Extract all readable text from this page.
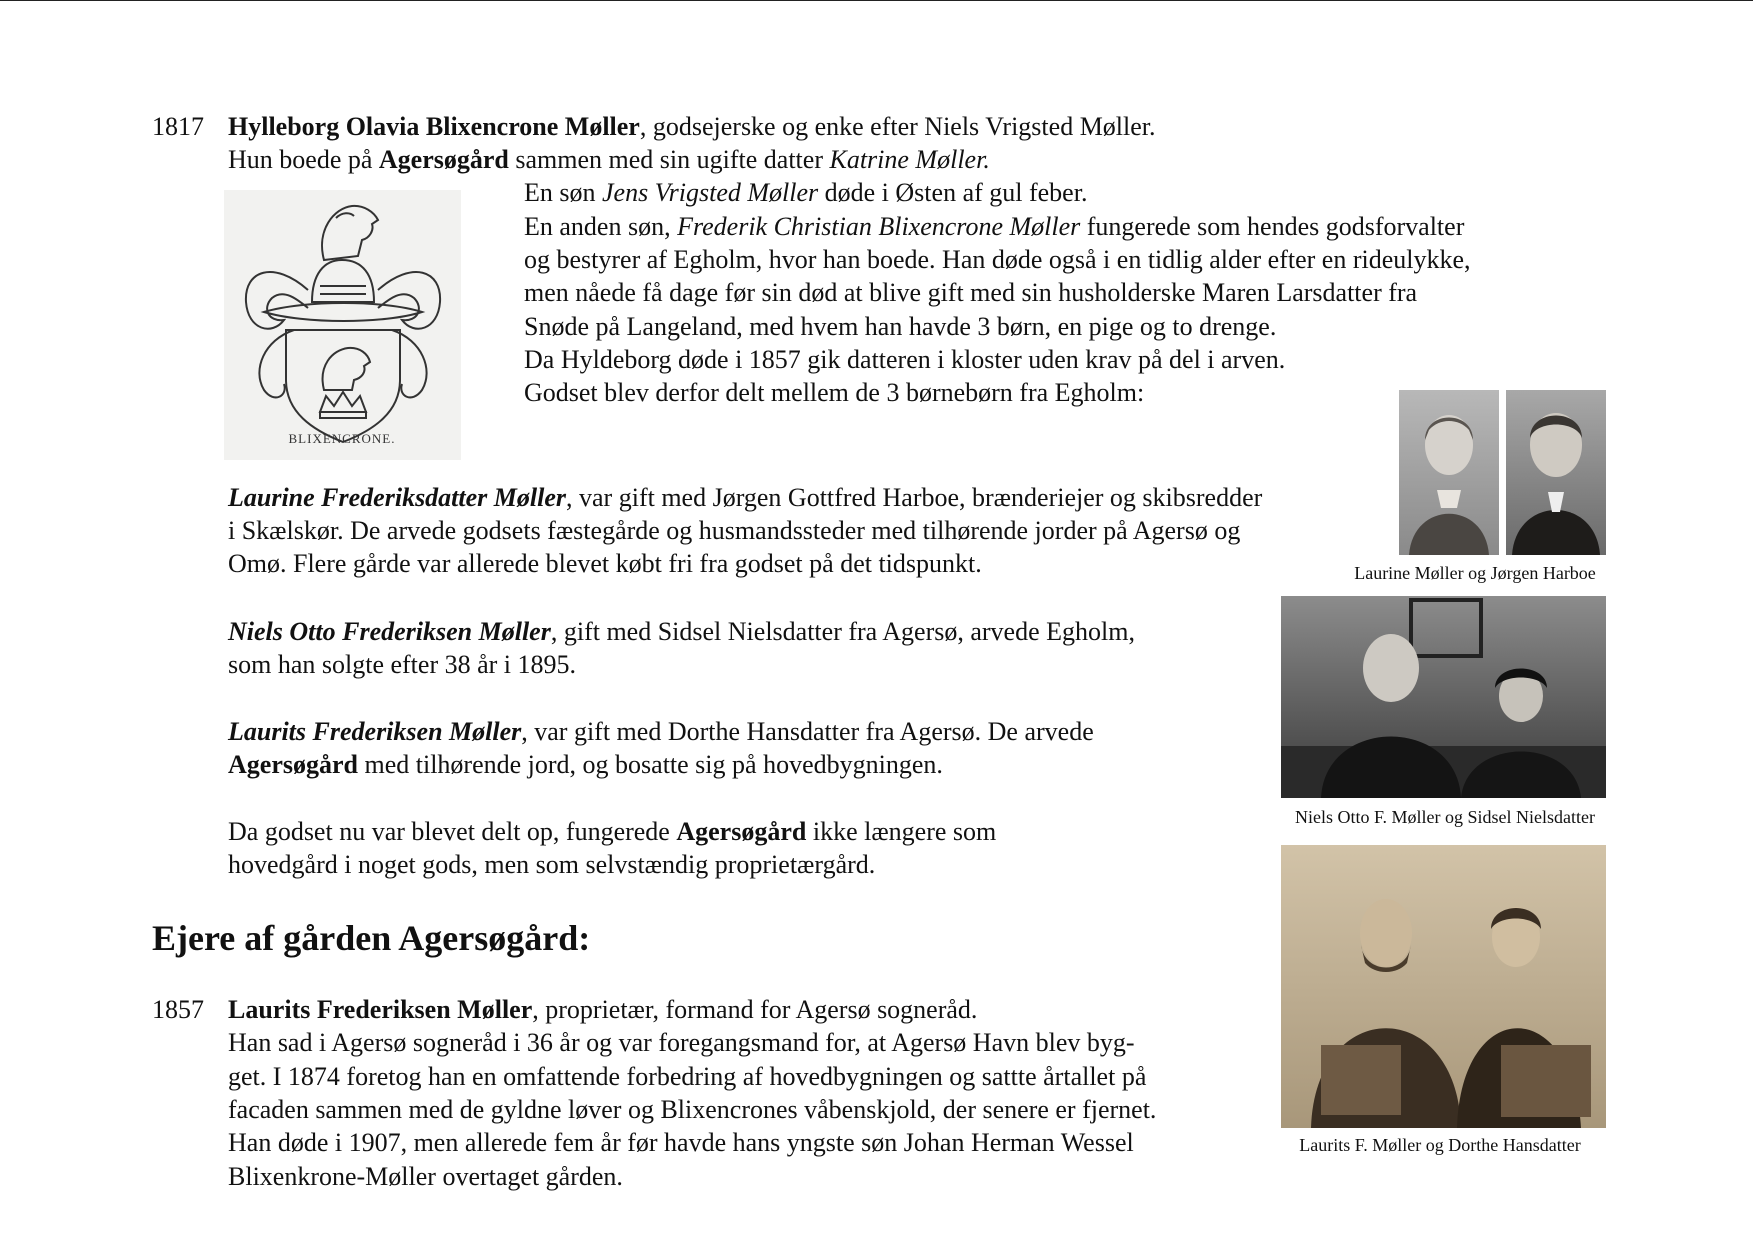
1817 Hylleborg Olavia Blixencrone Møller, godsejerske og enke efter Niels Vrigsted Møller.
Hun boede på Agersøgård sammen med sin ugifte datter Katrine Møller.
En søn Jens Vrigsted Møller døde i Østen af gul feber.
En anden søn, Frederik Christian Blixencrone Møller fungerede som hendes godsforvalter
og bestyrer af Egholm, hvor han boede. Han døde også i en tidlig alder efter en rideulykke,
men nåede få dage før sin død at blive gift med sin husholderske Maren Larsdatter fra
Snøde på Langeland, med hvem han havde 3 børn, en pige og to drenge.
Da Hyldeborg døde i 1857 gik datteren i kloster uden krav på del i arven.
Godset blev derfor delt mellem de 3 børnebørn fra Egholm:
BLIXENCRONE.
Laurine Frederiksdatter Møller, var gift med Jørgen Gottfred Harboe, brænderiejer og skibsredder
i Skælskør. De arvede godsets fæstegårde og husmandssteder med tilhørende jorder på Agersø og
Omø. Flere gårde var allerede blevet købt fri fra godset på det tidspunkt.
Niels Otto Frederiksen Møller, gift med Sidsel Nielsdatter fra Agersø, arvede Egholm,
som han solgte efter 38 år i 1895.
Laurits Frederiksen Møller, var gift med Dorthe Hansdatter fra Agersø. De arvede
Agersøgård med tilhørende jord, og bosatte sig på hovedbygningen.
Da godset nu var blevet delt op, fungerede Agersøgård ikke længere som
hovedgård i noget gods, men som selvstændig proprietærgård.
Ejere af gården Agersøgård:
1857 Laurits Frederiksen Møller, proprietær, formand for Agersø sogneråd.
Han sad i Agersø sogneråd i 36 år og var foregangsmand for, at Agersø Havn blev byg-
get. I 1874 foretog han en omfattende forbedring af hovedbygningen og sattte årtallet på
facaden sammen med de gyldne løver og Blixencrones våbenskjold, der senere er fjernet.
Han døde i 1907, men allerede fem år før havde hans yngste søn Johan Herman Wessel
Blixenkrone-Møller overtaget gården.
Laurine Møller og Jørgen Harboe
Niels Otto F. Møller og Sidsel Nielsdatter
Laurits F. Møller og Dorthe Hansdatter
